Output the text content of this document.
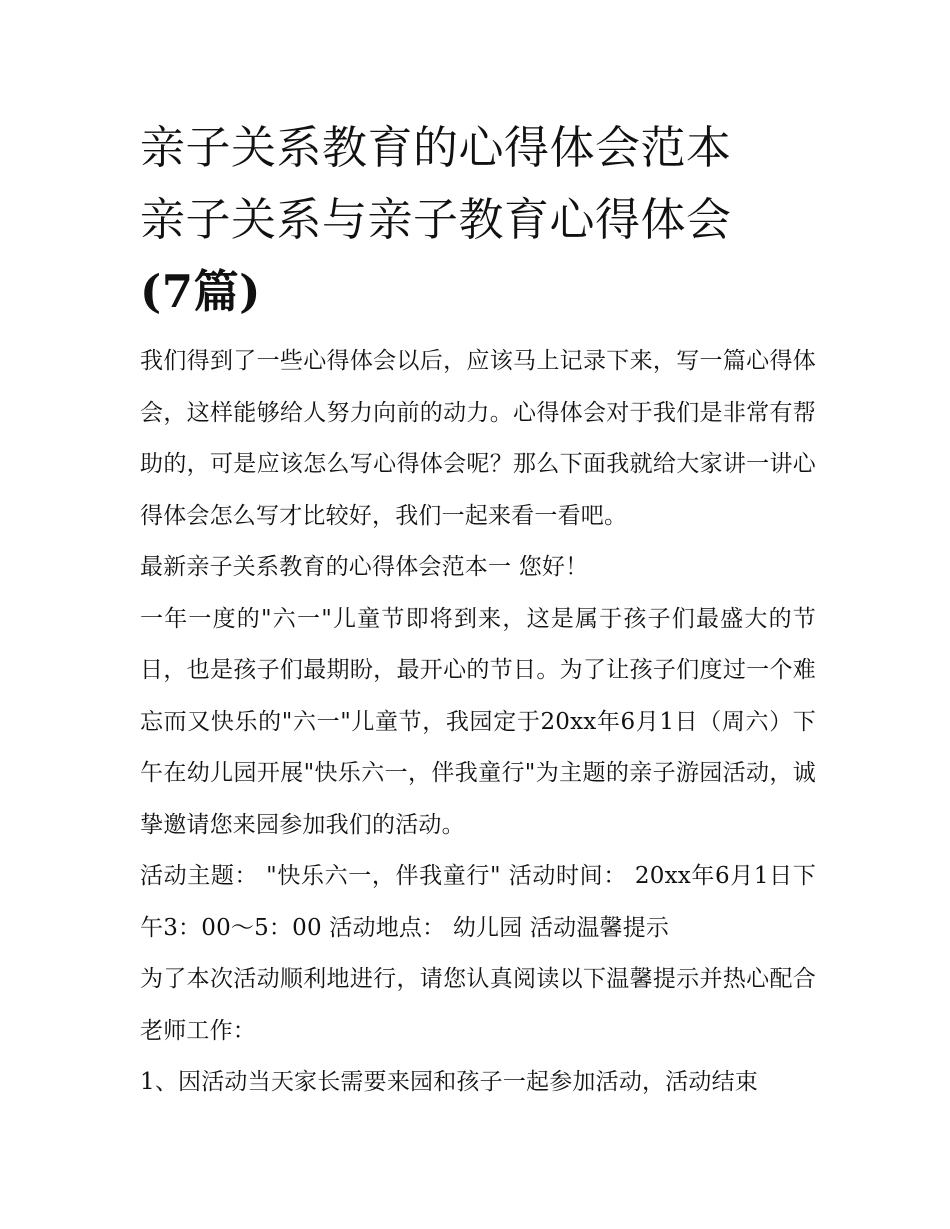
亲子关系教育的心得体会范本
亲子关系与亲子教育心得体会
(7篇)

我们得到了一些心得体会以后，应该马上记录下来，写一篇心得体会，这样能够给人努力向前的动力。心得体会对于我们是非常有帮助的，可是应该怎么写心得体会呢？那么下面我就给大家讲一讲心得体会怎么写才比较好，我们一起来看一看吧。

最新亲子关系教育的心得体会范本一 您好！

一年一度的"六一"儿童节即将到来，这是属于孩子们最盛大的节日，也是孩子们最期盼，最开心的节日。为了让孩子们度过一个难忘而又快乐的"六一"儿童节，我园定于20xx年6月1日（周六）下午在幼儿园开展"快乐六一，伴我童行"为主题的亲子游园活动，诚挚邀请您来园参加我们的活动。

活动主题： "快乐六一，伴我童行" 活动时间： 20xx年6月1日下午3：00～5：00 活动地点： 幼儿园 活动温馨提示

为了本次活动顺利地进行，请您认真阅读以下温馨提示并热心配合老师工作：

1、因活动当天家长需要来园和孩子一起参加活动，活动结束
